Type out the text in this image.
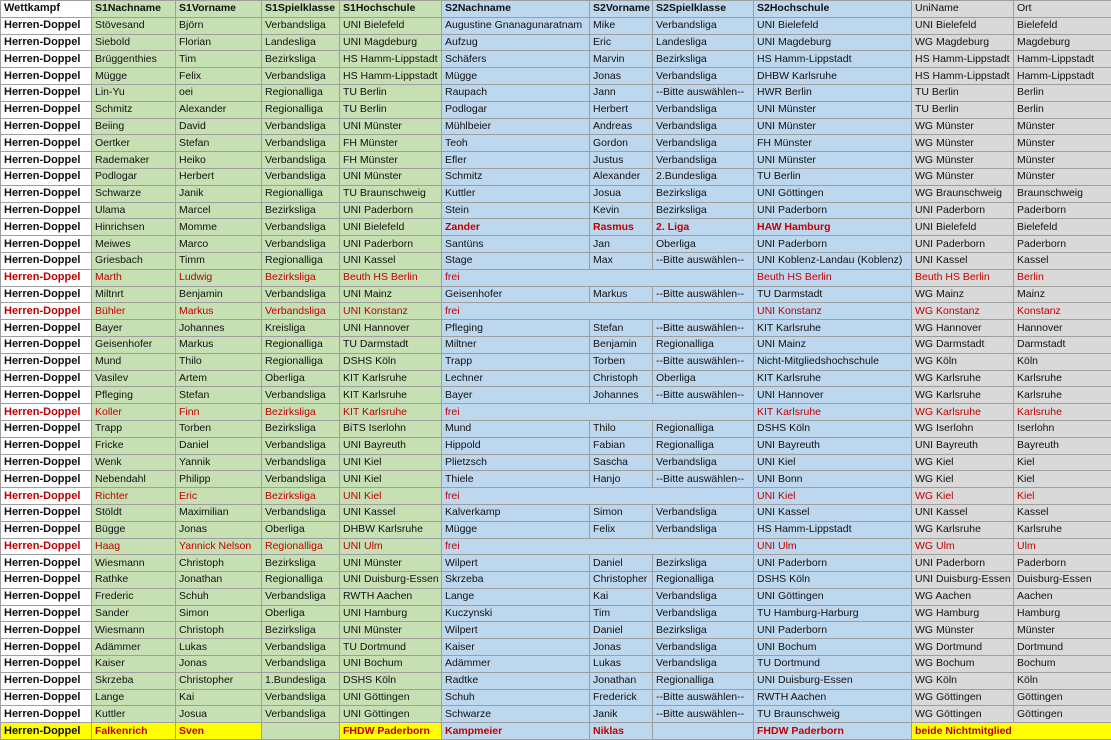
Wettkampf	S1Nachname	S1Vorname	S1Spielklasse	S1Hochschule	S2Nachname	S2Vorname	S2Spielklasse	S2Hochschule	UniName	Ort
Herren-Doppel	Stövesand	Björn	Verbandsliga	UNI Bielefeld	Augustine Gnanagunaratnam	Mike	Verbandsliga	UNI Bielefeld	UNI Bielefeld	Bielefeld
Herren-Doppel	Siebold	Florian	Landesliga	UNI Magdeburg	Aufzug	Eric	Landesliga	UNI Magdeburg	WG Magdeburg	Magdeburg
Herren-Doppel	Brüggenthies	Tim	Bezirksliga	HS Hamm-Lippstadt	Schäfers	Marvin	Bezirksliga	HS Hamm-Lippstadt	HS Hamm-Lippstadt	Hamm-Lippstadt
Herren-Doppel	Mügge	Felix	Verbandsliga	HS Hamm-Lippstadt	Mügge	Jonas	Verbandsliga	DHBW Karlsruhe	HS Hamm-Lippstadt	Hamm-Lippstadt
Herren-Doppel	Lin-Yu	oei	Regionalliga	TU Berlin	Raupach	Jann	--Bitte auswählen--	HWR Berlin	TU Berlin	Berlin
Herren-Doppel	Schmitz	Alexander	Regionalliga	TU Berlin	Podlogar	Herbert	Verbandsliga	UNI Münster	TU Berlin	Berlin
Herren-Doppel	Beiing	David	Verbandsliga	UNI Münster	Mühlbeier	Andreas	Verbandsliga	UNI Münster	WG Münster	Münster
Herren-Doppel	Oertker	Stefan	Verbandsliga	FH Münster	Teoh	Gordon	Verbandsliga	FH Münster	WG Münster	Münster
Herren-Doppel	Rademaker	Heiko	Verbandsliga	FH Münster	Efler	Justus	Verbandsliga	UNI Münster	WG Münster	Münster
Herren-Doppel	Podlogar	Herbert	Verbandsliga	UNI Münster	Schmitz	Alexander	2.Bundesliga	TU Berlin	WG Münster	Münster
Herren-Doppel	Schwarze	Janik	Regionalliga	TU Braunschweig	Kuttler	Josua	Bezirksliga	UNI Göttingen	WG Braunschweig	Braunschweig
Herren-Doppel	Ulama	Marcel	Bezirksliga	UNI Paderborn	Stein	Kevin	Bezirksliga	UNI Paderborn	UNI Paderborn	Paderborn
Herren-Doppel	Hinrichsen	Momme	Verbandsliga	UNI Bielefeld	Zander	Rasmus	2. Liga	HAW Hamburg	UNI Bielefeld	Bielefeld
Herren-Doppel	Meiwes	Marco	Verbandsliga	UNI Paderborn	Santüns	Jan	Oberliga	UNI Paderborn	UNI Paderborn	Paderborn
Herren-Doppel	Griesbach	Timm	Regionalliga	UNI Kassel	Stage	Max	--Bitte auswählen--	UNI Koblenz-Landau (Koblenz)	UNI Kassel	Kassel
Herren-Doppel	Marth	Ludwig	Bezirksliga	Beuth HS Berlin	frei			Beuth HS Berlin	Beuth HS Berlin	Berlin
Herren-Doppel	Miltnrt	Benjamin	Verbandsliga	UNI Mainz	Geisenhofer	Markus	--Bitte auswählen--	TU Darmstadt	WG Mainz	Mainz
Herren-Doppel	Bühler	Markus	Verbandsliga	UNI Konstanz	frei			UNI Konstanz	WG Konstanz	Konstanz
Herren-Doppel	Bayer	Johannes	Kreisliga	UNI Hannover	Pfleging	Stefan	--Bitte auswählen--	KIT Karlsruhe	WG Hannover	Hannover
Herren-Doppel	Geisenhofer	Markus	Regionalliga	TU Darmstadt	Miltner	Benjamin	Regionalliga	UNI Mainz	WG Darmstadt	Darmstadt
Herren-Doppel	Mund	Thilo	Regionalliga	DSHS Köln	Trapp	Torben	--Bitte auswählen--	Nicht-Mitgliedshochschule	WG Köln	Köln
Herren-Doppel	Vasilev	Artem	Oberliga	KIT Karlsruhe	Lechner	Christoph	Oberliga	KIT Karlsruhe	WG Karlsruhe	Karlsruhe
Herren-Doppel	Pfleging	Stefan	Verbandsliga	KIT Karlsruhe	Bayer	Johannes	--Bitte auswählen--	UNI Hannover	WG Karlsruhe	Karlsruhe
Herren-Doppel	Koller	Finn	Bezirksliga	KIT Karlsruhe	frei			KIT Karlsruhe	WG Karlsruhe	Karlsruhe
Herren-Doppel	Trapp	Torben	Bezirksliga	BiTS Iserlohn	Mund	Thilo	Regionalliga	DSHS Köln	WG Iserlohn	Iserlohn
Herren-Doppel	Fricke	Daniel	Verbandsliga	UNI Bayreuth	Hippold	Fabian	Regionalliga	UNI Bayreuth	UNI Bayreuth	Bayreuth
Herren-Doppel	Wenk	Yannik	Verbandsliga	UNI Kiel	Plietzsch	Sascha	Verbandsliga	UNI Kiel	WG Kiel	Kiel
Herren-Doppel	Nebendahl	Philipp	Verbandsliga	UNI Kiel	Thiele	Hanjo	--Bitte auswählen--	UNI Bonn	WG Kiel	Kiel
Herren-Doppel	Richter	Eric	Bezirksliga	UNI Kiel	frei			UNI Kiel	WG Kiel	Kiel
Herren-Doppel	Stöldt	Maximilian	Verbandsliga	UNI Kassel	Kalverkamp	Simon	Verbandsliga	UNI Kassel	UNI Kassel	Kassel
Herren-Doppel	Bügge	Jonas	Oberliga	DHBW Karlsruhe	Mügge	Felix	Verbandsliga	HS Hamm-Lippstadt	WG Karlsruhe	Karlsruhe
Herren-Doppel	Haag	Yannick Nelson	Regionalliga	UNI Ulm	frei			UNI Ulm	WG Ulm	Ulm
Herren-Doppel	Wiesmann	Christoph	Bezirksliga	UNI Münster	Wilpert	Daniel	Bezirksliga	UNI Paderborn	UNI Paderborn	Paderborn
Herren-Doppel	Rathke	Jonathan	Regionalliga	UNI Duisburg-Essen	Skrzeba	Christopher	Regionalliga	DSHS Köln	UNI Duisburg-Essen	Duisburg-Essen
Herren-Doppel	Frederic	Schuh	Verbandsliga	RWTH Aachen	Lange	Kai	Verbandsliga	UNI Göttingen	WG Aachen	Aachen
Herren-Doppel	Sander	Simon	Oberliga	UNI Hamburg	Kuczynski	Tim	Verbandsliga	TU Hamburg-Harburg	WG Hamburg	Hamburg
Herren-Doppel	Wiesmann	Christoph	Bezirksliga	UNI Münster	Wilpert	Daniel	Bezirksliga	UNI Paderborn	WG Münster	Münster
Herren-Doppel	Adämmer	Lukas	Verbandsliga	TU Dortmund	Kaiser	Jonas	Verbandsliga	UNI Bochum	WG Dortmund	Dortmund
Herren-Doppel	Kaiser	Jonas	Verbandsliga	UNI Bochum	Adämmer	Lukas	Verbandsliga	TU Dortmund	WG Bochum	Bochum
Herren-Doppel	Skrzeba	Christopher	1.Bundesliga	DSHS Köln	Radtke	Jonathan	Regionalliga	UNI Duisburg-Essen	WG Köln	Köln
Herren-Doppel	Lange	Kai	Verbandsliga	UNI Göttingen	Schuh	Frederick	--Bitte auswählen--	RWTH Aachen	WG Göttingen	Göttingen
Herren-Doppel	Kuttler	Josua	Verbandsliga	UNI Göttingen	Schwarze	Janik	--Bitte auswählen--	TU Braunschweig	WG Göttingen	Göttingen
Herren-Doppel	Falkenrich	Sven		FHDW Paderborn	Kampmeier	Niklas		FHDW Paderborn	beide Nichtmitglied	
